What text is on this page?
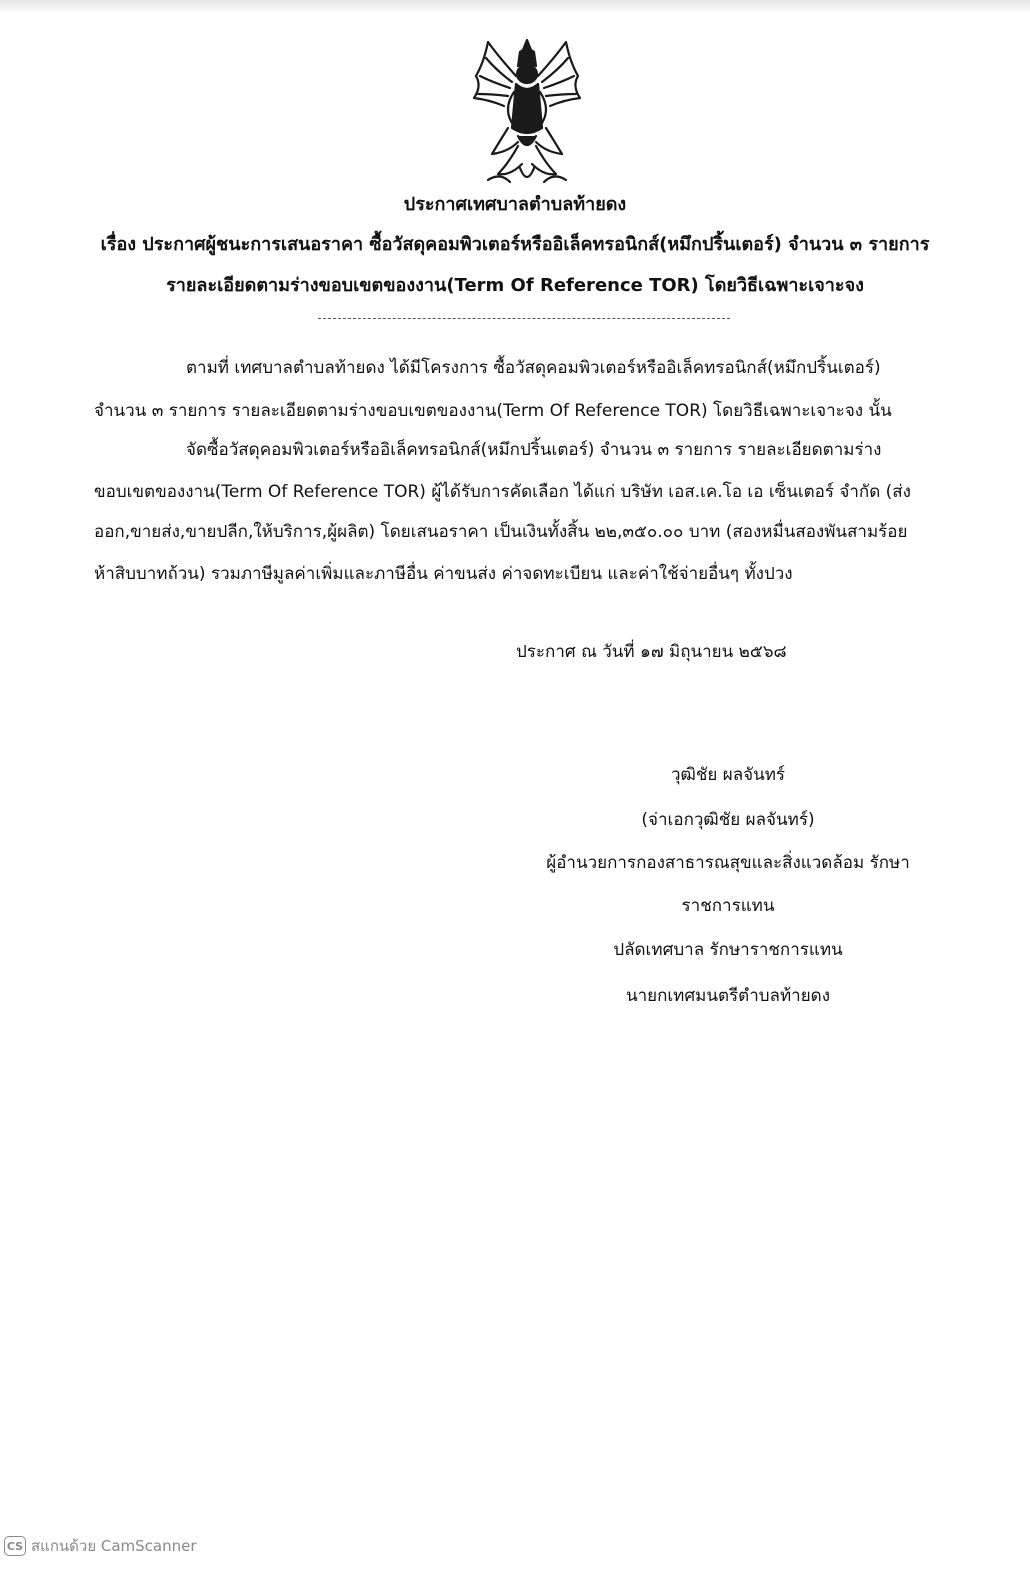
ประกาศเทศบาลตำบลท้ายดง
เรื่อง ประกาศผู้ชนะการเสนอราคา ซื้อวัสดุคอมพิวเตอร์หรืออิเล็คทรอนิกส์(หมึกปริ้นเตอร์) จำนวน ๓ รายการ
รายละเอียดตามร่างขอบเขตของงาน(Term Of Reference TOR) โดยวิธีเฉพาะเจาะจง
ตามที่ เทศบาลตำบลท้ายดง ได้มีโครงการ ซื้อวัสดุคอมพิวเตอร์หรืออิเล็คทรอนิกส์(หมึกปริ้นเตอร์)
จำนวน ๓ รายการ รายละเอียดตามร่างขอบเขตของงาน(Term Of Reference TOR) โดยวิธีเฉพาะเจาะจง นั้น
จัดซื้อวัสดุคอมพิวเตอร์หรืออิเล็คทรอนิกส์(หมึกปริ้นเตอร์) จำนวน ๓ รายการ รายละเอียดตามร่าง
ขอบเขตของงาน(Term Of Reference TOR) ผู้ได้รับการคัดเลือก ได้แก่ บริษัท เอส.เค.โอ เอ เซ็นเตอร์ จำกัด (ส่ง
ออก,ขายส่ง,ขายปลีก,ให้บริการ,ผู้ผลิต) โดยเสนอราคา เป็นเงินทั้งสิ้น ๒๒,๓๕๐.๐๐ บาท (สองหมื่นสองพันสามร้อย
ห้าสิบบาทถ้วน) รวมภาษีมูลค่าเพิ่มและภาษีอื่น ค่าขนส่ง ค่าจดทะเบียน และค่าใช้จ่ายอื่นๆ ทั้งปวง
ประกาศ ณ วันที่ ๑๗ มิถุนายน ๒๕๖๘
วุฒิชัย ผลจันทร์
(จ่าเอกวุฒิชัย ผลจันทร์)
ผู้อำนวยการกองสาธารณสุขและสิ่งแวดล้อม รักษา
ราชการแทน
ปลัดเทศบาล รักษาราชการแทน
นายกเทศมนตรีตำบลท้ายดง
CS สแกนด้วย CamScanner
